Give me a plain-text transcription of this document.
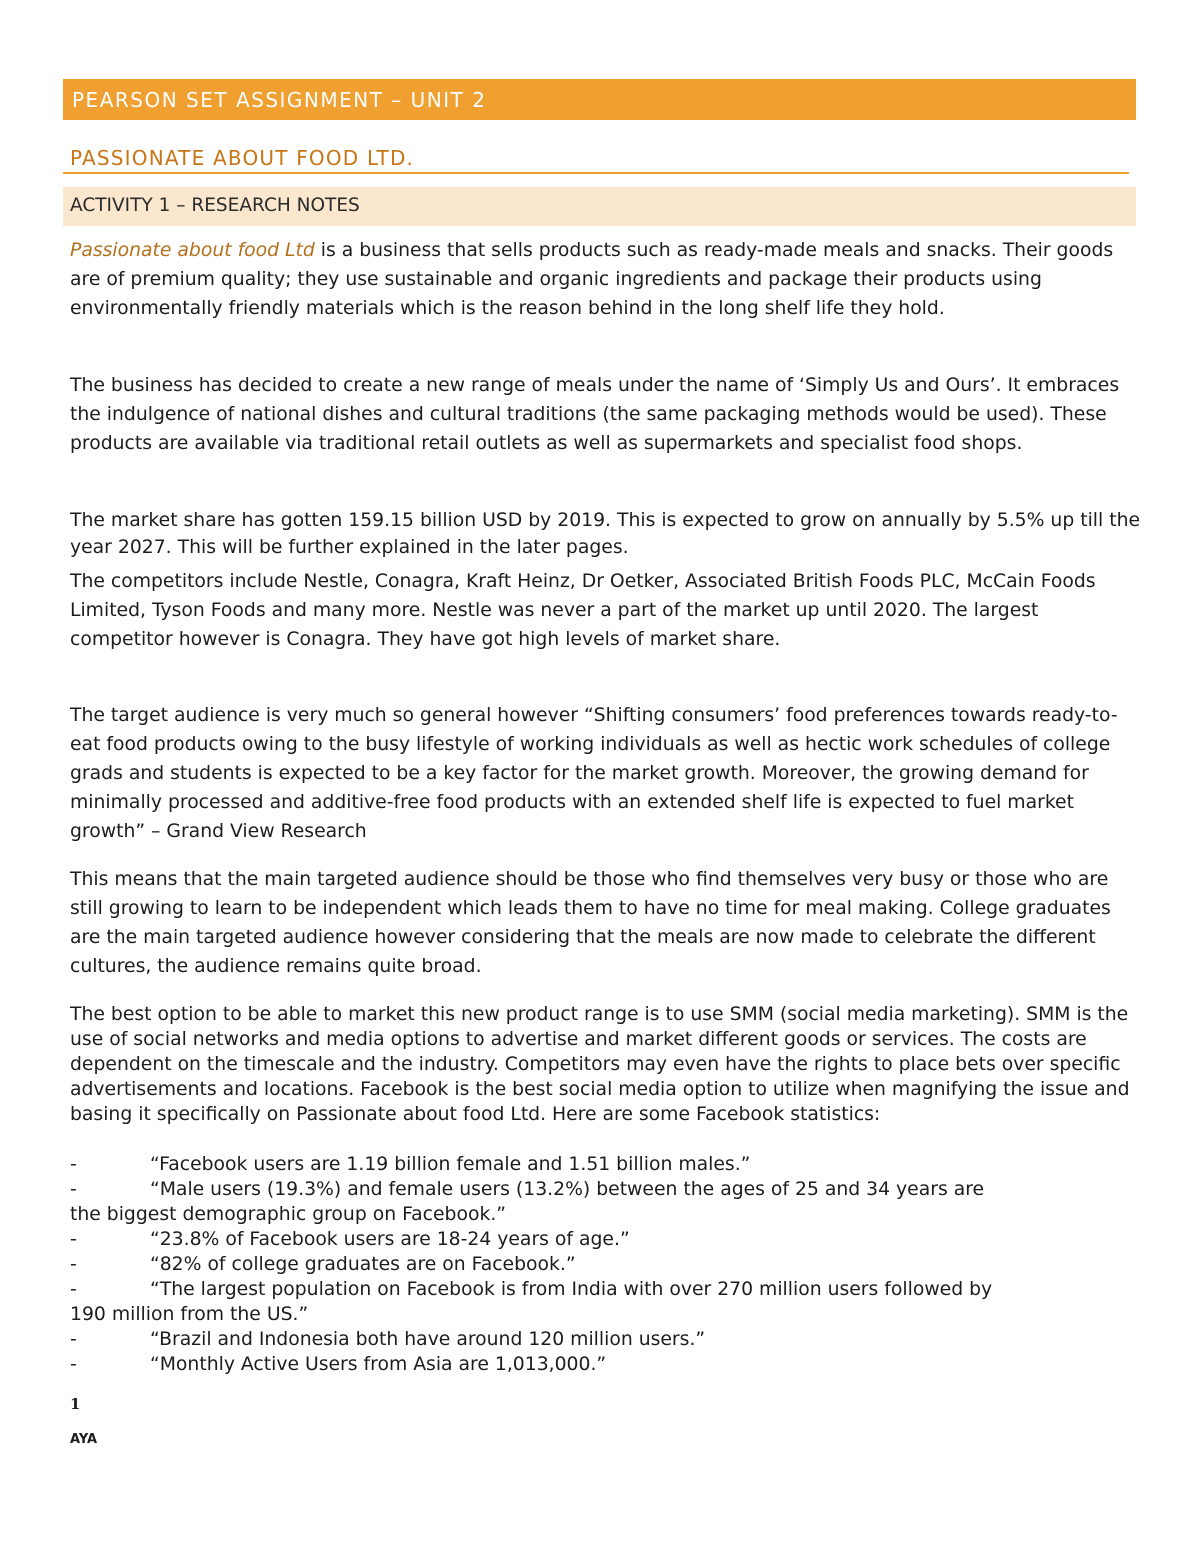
PEARSON SET ASSIGNMENT – UNIT 2
PASSIONATE ABOUT FOOD LTD.
ACTIVITY 1 – RESEARCH NOTES

Passionate about food Ltd is a business that sells products such as ready-made meals and snacks. Their goods are of premium quality; they use sustainable and organic ingredients and package their products using environmentally friendly materials which is the reason behind in the long shelf life they hold.

The business has decided to create a new range of meals under the name of ‘Simply Us and Ours’. It embraces the indulgence of national dishes and cultural traditions (the same packaging methods would be used). These products are available via traditional retail outlets as well as supermarkets and specialist food shops.

The market share has gotten 159.15 billion USD by 2019. This is expected to grow on annually by 5.5% up till the year 2027. This will be further explained in the later pages.

The competitors include Nestle, Conagra, Kraft Heinz, Dr Oetker, Associated British Foods PLC, McCain Foods Limited, Tyson Foods and many more. Nestle was never a part of the market up until 2020. The largest competitor however is Conagra. They have got high levels of market share.

The target audience is very much so general however “Shifting consumers’ food preferences towards ready-to-eat food products owing to the busy lifestyle of working individuals as well as hectic work schedules of college grads and students is expected to be a key factor for the market growth. Moreover, the growing demand for minimally processed and additive-free food products with an extended shelf life is expected to fuel market growth” – Grand View Research

This means that the main targeted audience should be those who find themselves very busy or those who are still growing to learn to be independent which leads them to have no time for meal making. College graduates are the main targeted audience however considering that the meals are now made to celebrate the different cultures, the audience remains quite broad.

The best option to be able to market this new product range is to use SMM (social media marketing). SMM is the use of social networks and media options to advertise and market different goods or services. The costs are dependent on the timescale and the industry. Competitors may even have the rights to place bets over specific advertisements and locations. Facebook is the best social media option to utilize when magnifying the issue and basing it specifically on Passionate about food Ltd. Here are some Facebook statistics:

-	“Facebook users are 1.19 billion female and 1.51 billion males.”
-	“Male users (19.3%) and female users (13.2%) between the ages of 25 and 34 years are
the biggest demographic group on Facebook.”
-	“23.8% of Facebook users are 18-24 years of age.”
-	“82% of college graduates are on Facebook.”
-	“The largest population on Facebook is from India with over 270 million users followed by
190 million from the US.”
-	“Brazil and Indonesia both have around 120 million users.”
-	“Monthly Active Users from Asia are 1,013,000.”
1
AYA
